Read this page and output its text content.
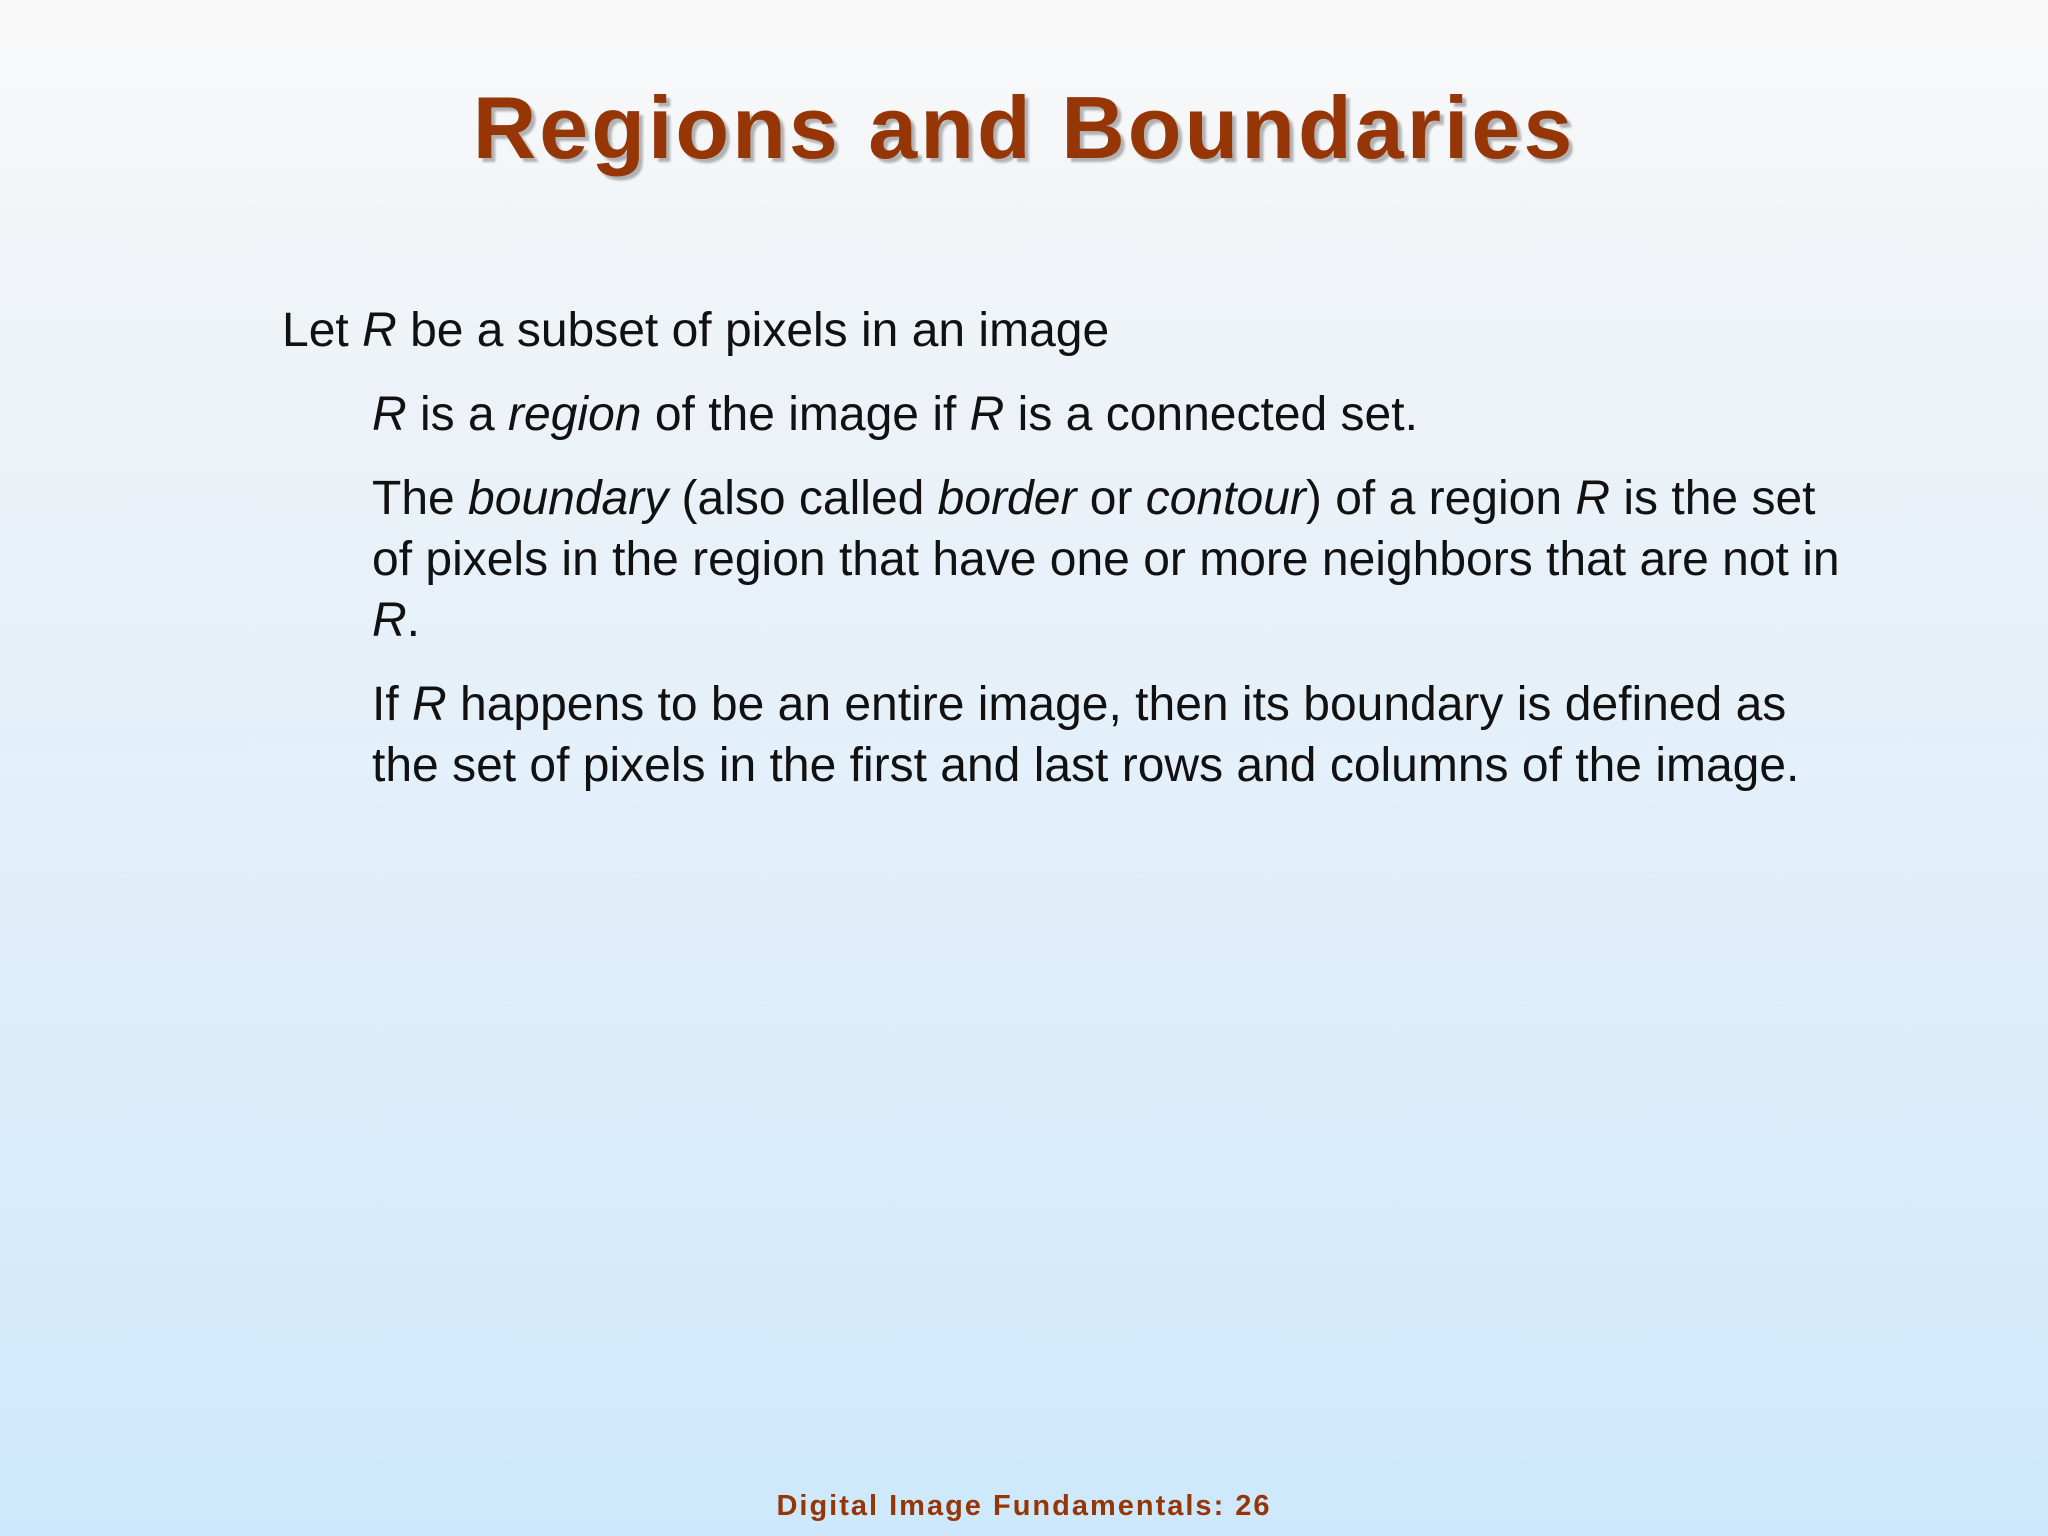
Regions and Boundaries

Let R be a subset of pixels in an image

R is a region of the image if R is a connected set.

The boundary (also called border or contour) of a region R is the set of pixels in the region that have one or more neighbors that are not in R.

If R happens to be an entire image, then its boundary is defined as the set of pixels in the first and last rows and columns of the image.

Digital Image Fundamentals: 26
